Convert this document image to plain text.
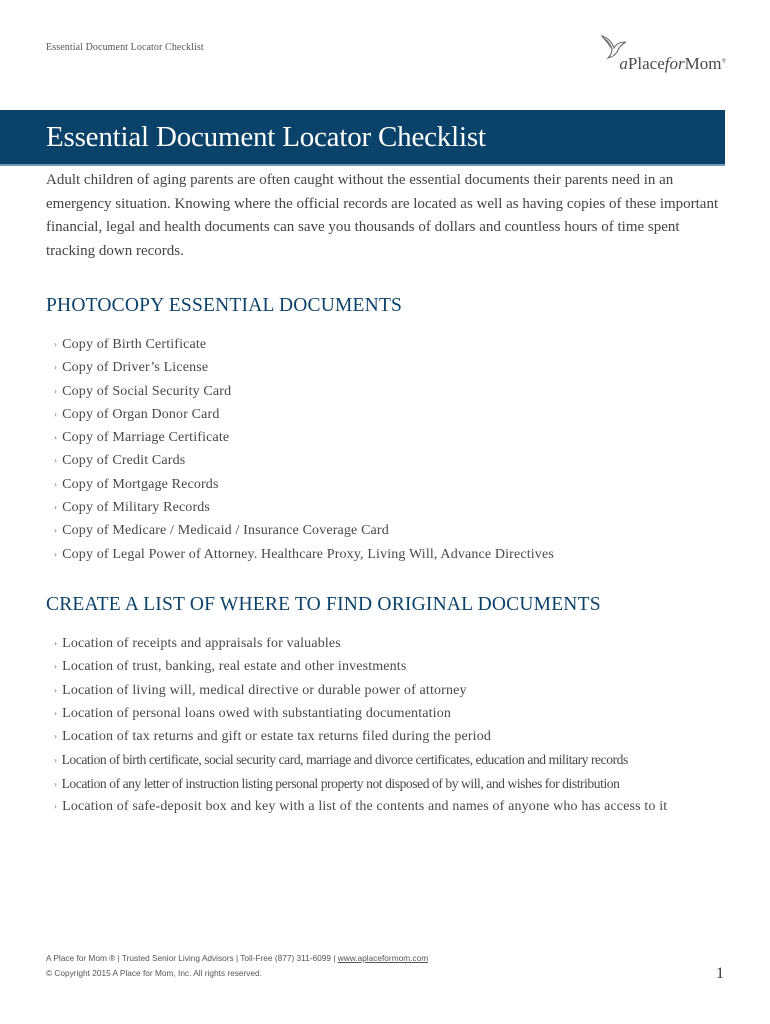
Essential Document Locator Checklist
aPlaceforMom®
Essential Document Locator Checklist

Adult children of aging parents are often caught without the essential documents their parents need in an emergency situation. Knowing where the official records are located as well as having copies of these important financial, legal and health documents can save you thousands of dollars and countless hours of time spent tracking down records.

PHOTOCOPY ESSENTIAL DOCUMENTS
› Copy of Birth Certificate
› Copy of Driver’s License
› Copy of Social Security Card
› Copy of Organ Donor Card
› Copy of Marriage Certificate
› Copy of Credit Cards
› Copy of Mortgage Records
› Copy of Military Records
› Copy of Medicare / Medicaid / Insurance Coverage Card
› Copy of Legal Power of Attorney. Healthcare Proxy, Living Will, Advance Directives
CREATE A LIST OF WHERE TO FIND ORIGINAL DOCUMENTS
› Location of receipts and appraisals for valuables
› Location of trust, banking, real estate and other investments
› Location of living will, medical directive or durable power of attorney
› Location of personal loans owed with substantiating documentation
› Location of tax returns and gift or estate tax returns filed during the period
› Location of birth certificate, social security card, marriage and divorce certificates, education and military records
› Location of any letter of instruction listing personal property not disposed of by will, and wishes for distribution
› Location of safe-deposit box and key with a list of the contents and names of anyone who has access to it
A Place for Mom ® | Trusted Senior Living Advisors | Toll-Free (877) 311-6099 | www.aplaceformom.com
© Copyright 2015 A Place for Mom, Inc. All rights reserved.	1
